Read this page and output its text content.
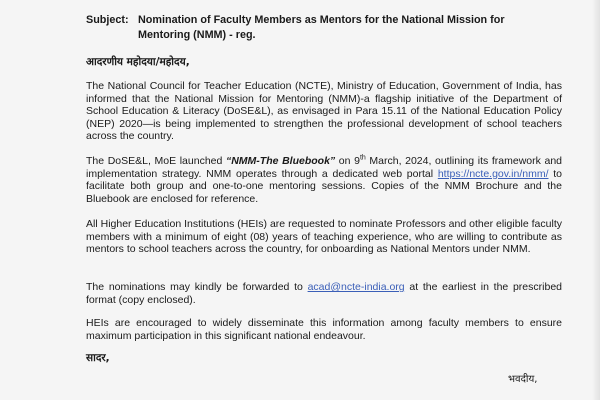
Subject: Nomination of Faculty Members as Mentors for the National Mission for
Mentoring (NMM) - reg.
आदरणीय महोदया/महोदय,
The National Council for Teacher Education (NCTE), Ministry of Education, Government of India, has informed that the National Mission for Mentoring (NMM)-a flagship initiative of the Department of School Education & Literacy (DoSE&L), as envisaged in Para 15.11 of the National Education Policy (NEP) 2020—is being implemented to strengthen the professional development of school teachers across the country.
The DoSE&L, MoE launched “NMM-The Bluebook” on 9th March, 2024, outlining its framework and implementation strategy. NMM operates through a dedicated web portal https://ncte.gov.in/nmm/ to facilitate both group and one-to-one mentoring sessions. Copies of the NMM Brochure and the Bluebook are enclosed for reference.
All Higher Education Institutions (HEIs) are requested to nominate Professors and other eligible faculty members with a minimum of eight (08) years of teaching experience, who are willing to contribute as mentors to school teachers across the country, for onboarding as National Mentors under NMM.
The nominations may kindly be forwarded to acad@ncte-india.org at the earliest in the prescribed format (copy enclosed).
HEIs are encouraged to widely disseminate this information among faculty members to ensure maximum participation in this significant national endeavour.
सादर,
भवदीय,
